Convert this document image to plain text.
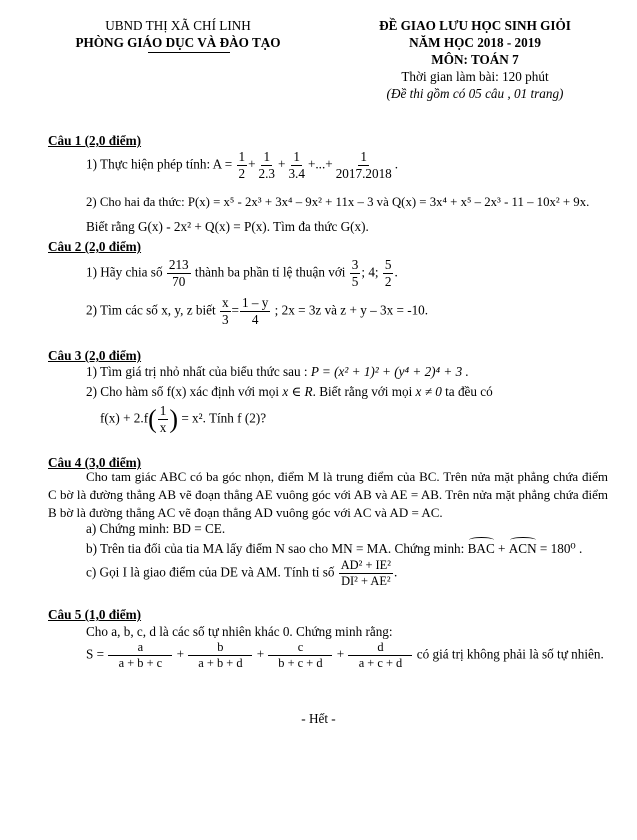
UBND THỊ XÃ CHÍ LINH
PHÒNG GIÁO DỤC VÀ ĐÀO TẠO
ĐỀ GIAO LƯU HỌC SINH GIỎI
NĂM HỌC 2018 - 2019
MÔN: TOÁN 7
Thời gian làm bài: 120 phút
(Đề thi gồm có 05 câu , 01 trang)
Câu 1 (2,0 điểm)
1) Thực hiện phép tính: $A = \frac{1}{2} + \frac{1}{2.3} + \frac{1}{3.4}$ +...+ $\frac{1}{2017.2018}$ .
2) Cho hai đa thức: P(x) = x⁵ - 2x³ + 3x⁴ – 9x² + 11x – 3 và Q(x) = 3x⁴ + x⁵ – 2x³ - 11 – 10x² + 9x.
Biết rằng G(x) - 2x² + Q(x) = P(x). Tìm đa thức G(x).
Câu 2 (2,0 điểm)
1) Hãy chia số $\frac{213}{70}$ thành ba phần tỉ lệ thuận với $\frac{3}{5}$ ; 4; $\frac{5}{2}$ .
2) Tìm các số x, y, z biết $\frac{x}{3} = \frac{1 - y}{4}$ ; 2x = 3z và z + y – 3x = -10.
Câu 3 (2,0 điểm)
1) Tìm giá trị nhỏ nhất của biểu thức sau : P = (x² + 1)² + (y⁴ + 2)⁴ + 3 .
2) Cho hàm số f(x) xác định với mọi x ∈ R. Biết rằng với mọi x ≠ 0 ta đều có
$f(x) + 2.f( \frac{1}{x}$ ) = x². Tính f (2)?
Câu 4 (3,0 điểm)
Cho tam giác ABC có ba góc nhọn, điểm M là trung điểm của BC. Trên nửa mặt phẳng chứa điểm C bờ là đường thẳng AB vẽ đoạn thẳng AE vuông góc với AB và AE = AB. Trên nửa mặt phẳng chứa điểm B bờ là đường thẳng AC vẽ đoạn thẳng AD vuông góc với AC và AD = AC.
a) Chứng minh: BD = CE.
b) Trên tia đối của tia MA lấy điểm N sao cho MN = MA. Chứng minh: BAC + ACN = 180⁰ .
c) Gọi I là giao điểm của DE và AM. Tính tỉ số $\frac{\text{AD² + IE²}}{\text{DI² + AE²}}$ .
Câu 5 (1,0 điểm)
Cho a, b, c, d là các số tự nhiên khác 0. Chứng minh rằng:
$S = \frac{a}{a + b + c} + \frac{b}{a + b + d} + \frac{c}{b + c + d} + \frac{d}{a + c + d}$ có giá trị không phải là số tự nhiên.
- Hết -
